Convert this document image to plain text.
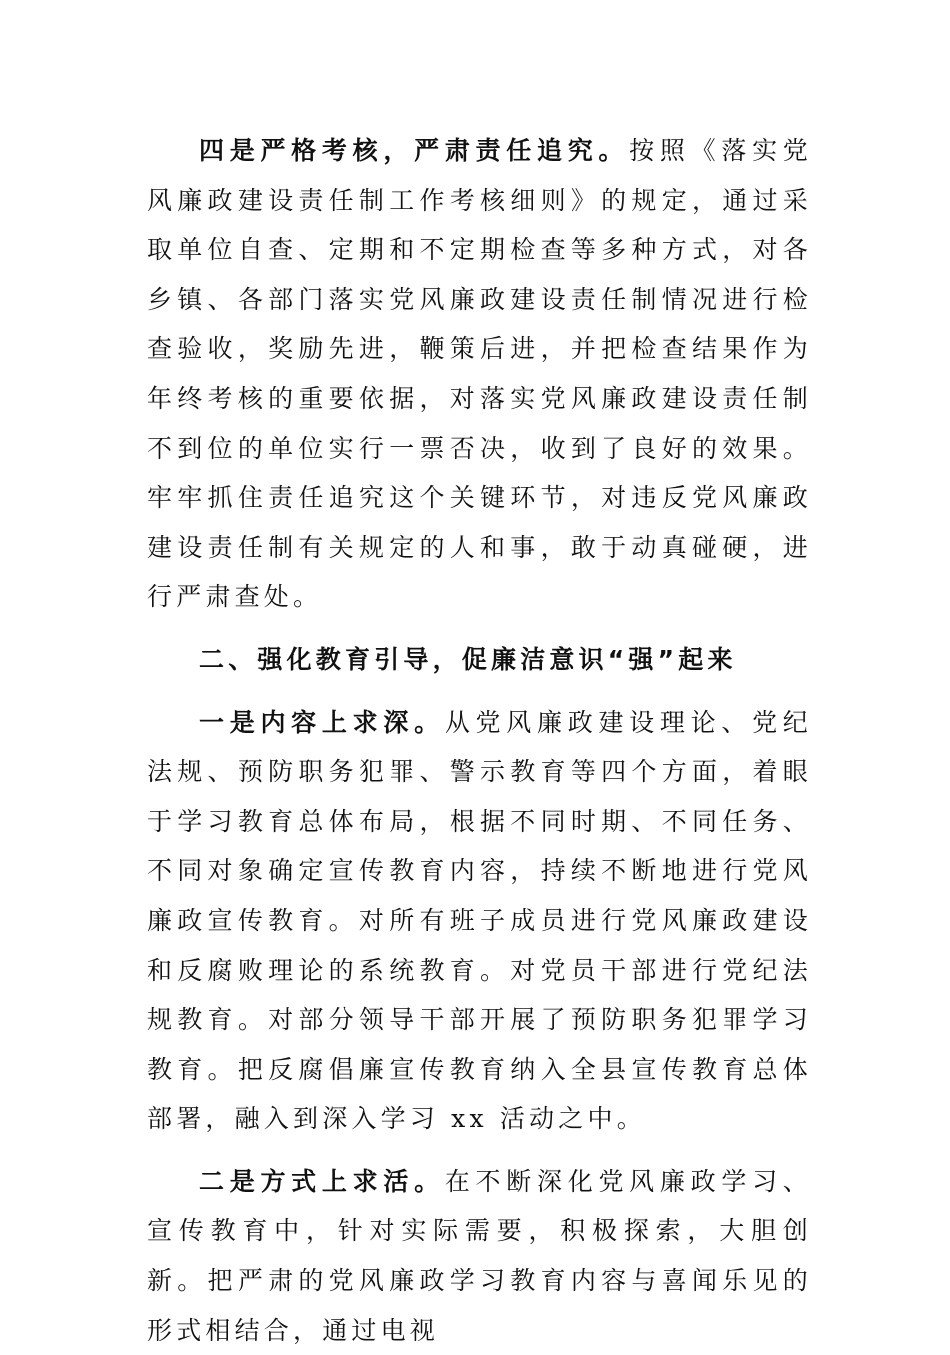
四是严格考核，严肃责任追究。按照《落实党风廉政建设责任制工作考核细则》的规定，通过采取单位自查、定期和不定期检查等多种方式，对各乡镇、各部门落实党风廉政建设责任制情况进行检查验收，奖励先进，鞭策后进，并把检查结果作为年终考核的重要依据，对落实党风廉政建设责任制不到位的单位实行一票否决，收到了良好的效果。牢牢抓住责任追究这个关键环节，对违反党风廉政建设责任制有关规定的人和事，敢于动真碰硬，进行严肃查处。

二、强化教育引导，促廉洁意识“强”起来

一是内容上求深。从党风廉政建设理论、党纪法规、预防职务犯罪、警示教育等四个方面，着眼于学习教育总体布局，根据不同时期、不同任务、不同对象确定宣传教育内容，持续不断地进行党风廉政宣传教育。对所有班子成员进行党风廉政建设和反腐败理论的系统教育。对党员干部进行党纪法规教育。对部分领导干部开展了预防职务犯罪学习教育。把反腐倡廉宣传教育纳入全县宣传教育总体部署，融入到深入学习 xx 活动之中。

二是方式上求活。在不断深化党风廉政学习、宣传教育中，针对实际需要，积极探索，大胆创新。把严肃的党风廉政学习教育内容与喜闻乐见的形式相结合，通过电视
